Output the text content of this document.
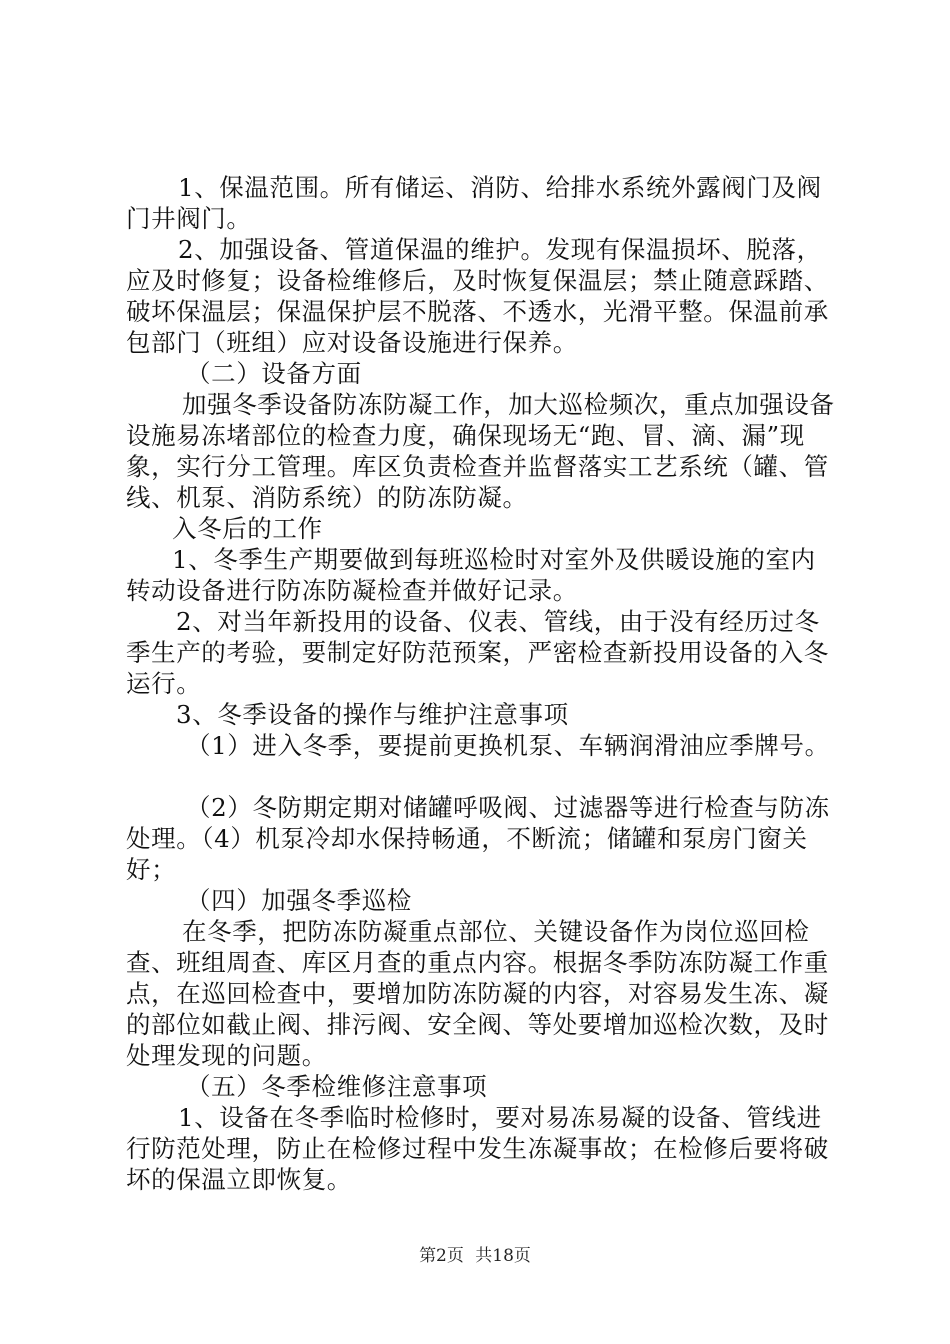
1、保温范围。所有储运、消防、给排水系统外露阀门及阀门井阀门。

2、加强设备、管道保温的维护。发现有保温损坏、脱落，应及时修复；设备检维修后，及时恢复保温层；禁止随意踩踏、破坏保温层；保温保护层不脱落、不透水，光滑平整。保温前承包部门（班组）应对设备设施进行保养。

（二）设备方面

加强冬季设备防冻防凝工作，加大巡检频次，重点加强设备设施易冻堵部位的检查力度，确保现场无“跑、冒、滴、漏”现象，实行分工管理。库区负责检查并监督落实工艺系统（罐、管线、机泵、消防系统）的防冻防凝。

入冬后的工作

1、冬季生产期要做到每班巡检时对室外及供暖设施的室内转动设备进行防冻防凝检查并做好记录。

2、对当年新投用的设备、仪表、管线，由于没有经历过冬季生产的考验，要制定好防范预案，严密检查新投用设备的入冬运行。

3、冬季设备的操作与维护注意事项

（1）进入冬季，要提前更换机泵、车辆润滑油应季牌号。

（2）冬防期定期对储罐呼吸阀、过滤器等进行检查与防冻处理。（4）机泵冷却水保持畅通，不断流；储罐和泵房门窗关好；

（四）加强冬季巡检

在冬季，把防冻防凝重点部位、关键设备作为岗位巡回检查、班组周查、库区月查的重点内容。根据冬季防冻防凝工作重点，在巡回检查中，要增加防冻防凝的内容，对容易发生冻、凝的部位如截止阀、排污阀、安全阀、等处要增加巡检次数，及时处理发现的问题。

（五）冬季检维修注意事项

1、设备在冬季临时检修时，要对易冻易凝的设备、管线进行防范处理，防止在检修过程中发生冻凝事故；在检修后要将破坏的保温立即恢复。

第2页 共18页
